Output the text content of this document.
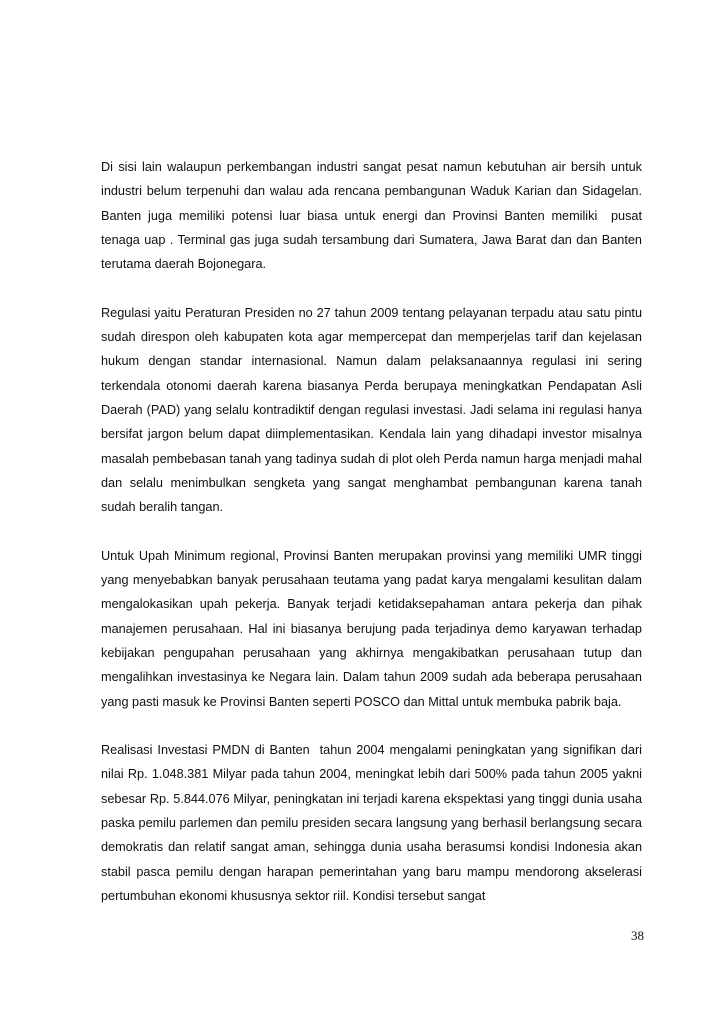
Di sisi lain walaupun perkembangan industri sangat pesat namun kebutuhan air bersih untuk industri belum terpenuhi dan walau ada rencana pembangunan Waduk Karian dan Sidagelan. Banten juga memiliki potensi luar biasa untuk energi dan Provinsi Banten memiliki  pusat  tenaga uap . Terminal gas juga sudah tersambung dari Sumatera, Jawa Barat dan dan Banten terutama daerah Bojonegara.

Regulasi yaitu Peraturan Presiden no 27 tahun 2009 tentang pelayanan terpadu atau satu pintu sudah direspon oleh kabupaten kota agar mempercepat dan memperjelas tarif dan kejelasan hukum dengan standar internasional. Namun dalam pelaksanaannya regulasi ini sering terkendala otonomi daerah karena biasanya Perda berupaya meningkatkan Pendapatan Asli Daerah (PAD) yang selalu kontradiktif dengan regulasi investasi. Jadi selama ini regulasi hanya bersifat jargon belum dapat diimplementasikan. Kendala lain yang dihadapi investor misalnya masalah pembebasan tanah yang tadinya sudah di plot oleh Perda namun harga menjadi mahal dan selalu menimbulkan sengketa yang sangat menghambat pembangunan karena tanah sudah beralih tangan.

Untuk Upah Minimum regional, Provinsi Banten merupakan provinsi yang memiliki UMR tinggi yang menyebabkan banyak perusahaan teutama yang padat karya mengalami kesulitan dalam mengalokasikan upah pekerja. Banyak terjadi ketidaksepahaman antara pekerja dan pihak manajemen perusahaan. Hal ini biasanya berujung pada terjadinya demo karyawan terhadap kebijakan pengupahan perusahaan yang akhirnya mengakibatkan perusahaan tutup dan mengalihkan investasinya ke Negara lain. Dalam tahun 2009 sudah ada beberapa perusahaan yang pasti masuk ke Provinsi Banten seperti POSCO dan Mittal untuk membuka pabrik baja.

Realisasi Investasi PMDN di Banten  tahun 2004 mengalami peningkatan yang signifikan dari nilai Rp. 1.048.381 Milyar pada tahun 2004, meningkat lebih dari 500% pada tahun 2005 yakni sebesar Rp. 5.844.076 Milyar, peningkatan ini terjadi karena ekspektasi yang tinggi dunia usaha paska pemilu parlemen dan pemilu presiden secara langsung yang berhasil berlangsung secara demokratis dan relatif sangat aman, sehingga dunia usaha berasumsi kondisi Indonesia akan stabil pasca pemilu dengan harapan pemerintahan yang baru mampu mendorong akselerasi pertumbuhan ekonomi khususnya sektor riil. Kondisi tersebut sangat

38
